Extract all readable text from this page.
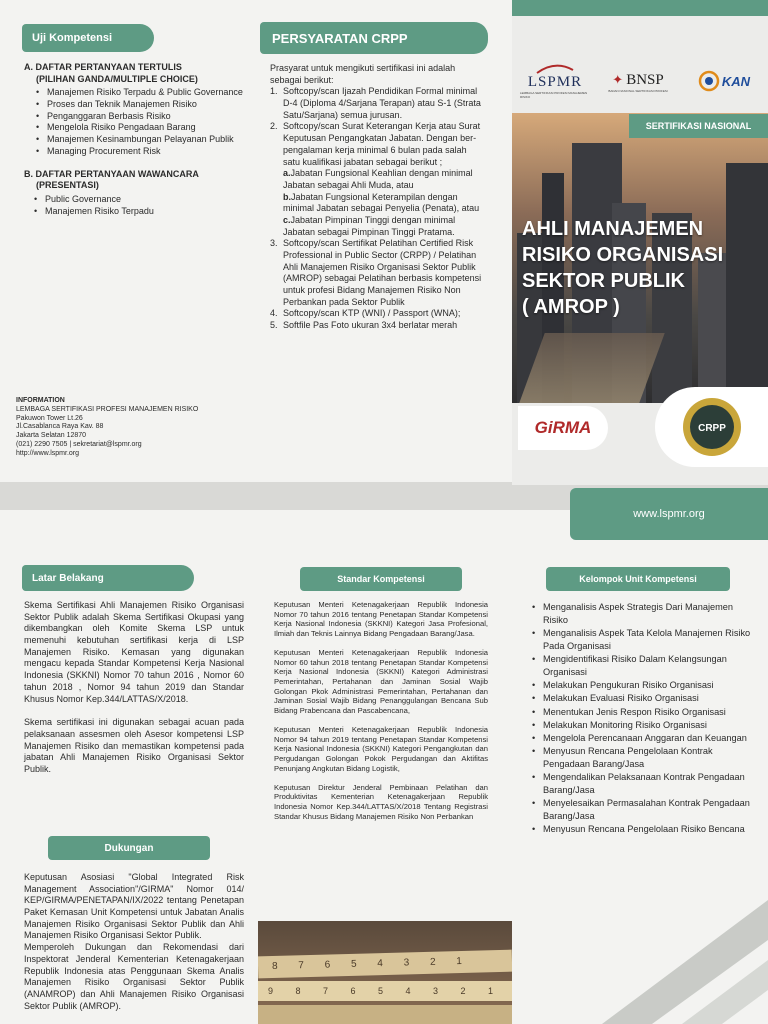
Uji Kompetensi
A. DAFTAR PERTANYAAN TERTULIS
(PILIHAN GANDA/MULTIPLE CHOICE)
• Manajemen Risiko Terpadu & Public Governance
• Proses dan Teknik Manajemen Risiko
• Penganggaran Berbasis Risiko
• Mengelola Risiko Pengadaan Barang
• Manajemen Kesinambungan Pelayanan Publik
• Managing Procurement Risk
B. DAFTAR PERTANYAAN WAWANCARA
(PRESENTASI)
• Public Governance
• Manajemen Risiko Terpadu
INFORMATION
LEMBAGA SERTIFIKASI PROFESI MANAJEMEN RISIKO
Pakuwon Tower Lt.26
Jl.Casablanca Raya Kav. 88
Jakarta Selatan 12870
(021) 2290 7505 | sekretariat@lspmr.org
http://www.lspmr.org
PERSYARATAN CRPP
Prasyarat untuk mengikuti sertifikasi ini adalah sebagai berikut:
1. Softcopy/scan Ijazah Pendidikan Formal minimal D-4 (Diploma 4/Sarjana Terapan) atau S-1 (Strata Satu/Sarjana) semua jurusan.
2. Softcopy/scan Surat Keterangan Kerja atau Surat Keputusan Pengangkatan Jabatan. Dengan ber- pengalaman kerja minimal 6 bulan pada salah satu kualifikasi jabatan sebagai berikut ;
a.Jabatan Fungsional Keahlian dengan minimal Jabatan sebagai Ahli Muda, atau
b.Jabatan Fungsional Keterampilan dengan minimal Jabatan sebagai Penyelia (Penata), atau
c.Jabatan Pimpinan Tinggi dengan minimal Jabatan sebagai Pimpinan Tinggi Pratama.
3. Softcopy/scan Sertifikat Pelatihan Certified Risk Professional in Public Sector (CRPP) / Pelatihan Ahli Manajemen Risiko Organisasi Sektor Publik (AMROP) sebagai Pelatihan berbasis kompetensi untuk profesi Bidang Manajemen Risiko Non Perbankan pada Sektor Publik
4. Softcopy/scan KTP (WNI) / Passport (WNA);
5. Softfile Pas Foto ukuran 3x4 berlatar merah
LSPMR
LEMBAGA SERTIFIKASI PROFESI MANAJEMEN RISIKO
✦ BNSP
BADAN NASIONAL SERTIFIKASI PROFESI
KAN
SERTIFIKASI NASIONAL
AHLI MANAJEMEN
RISIKO ORGANISASI
SEKTOR PUBLIK
( AMROP )
GiRMA	CRPP
www.lspmr.org
Latar Belakang

Skema Sertifikasi Ahli Manajemen Risiko Organisasi Sektor Publik adalah Skema Sertifikasi Okupasi yang dikembangkan oleh Komite Skema LSP untuk memenuhi kebutuhan sertifikasi kerja di LSP Manajemen Risiko. Kemasan yang digunakan mengacu kepada Standar Kompetensi Kerja Nasional Indonesia (SKKNI) Nomor 70 tahun 2016 , Nomor 60 tahun 2018 , Nomor 94 tahun 2019 dan Standar Khusus Nomor Kep.344/LATTAS/X/2018.

Skema sertifikasi ini digunakan sebagai acuan pada pelaksanaan assesmen oleh Asesor kompetensi LSP Manajemen Risiko dan memastikan kompetensi pada jabatan Ahli Manajemen Risiko Organisasi Sektor Publik.

Dukungan

Keputusan Asosiasi "Global Integrated Risk Management Association"/GIRMA" Nomor 014/ KEP/GIRMA/PENETAPAN/IX/2022 tentang Penetapan Paket Kemasan Unit Kompetensi untuk Jabatan Analis Manajemen Risiko Organisasi Sektor Publik dan Ahli Manajemen Risiko Organisasi Sektor Publik.

Memperoleh Dukungan dan Rekomendasi dari Inspektorat Jenderal Kementerian Ketenagakerjaan Republik Indonesia atas Penggunaan Skema Analis Manajemen Risiko Organisasi Sektor Publik (ANAMROP) dan Ahli Manajemen Risiko Organisasi Sektor Publik (AMROP).

Standar Kompetensi

Keputusan Menteri Ketenagakerjaan Republik Indonesia Nomor 70 tahun 2016 tentang Penetapan Standar Kompetensi Kerja Nasional Indonesia (SKKNI) Kategori Jasa Profesional, Ilmiah dan Teknis Lainnya Bidang Pengadaan Barang/Jasa.

Keputusan Menteri Ketenagakerjaan Republik Indonesia Nomor 60 tahun 2018 tentang Penetapan Standar Kompetensi Kerja Nasional Indonesia (SKKNI) Kategori Administrasi Pemerintahan, Pertahanan dan Jaminan Sosial Wajib Golongan Pkok Administrasi Pemerintahan, Pertahanan dan Jaminan Sosial Wajib Bidang Penanggulangan Bencana Sub Bidang Prabencana dan Pascabencana,

Keputusan Menteri Ketenagakerjaan Republik Indonesia Nomor 94 tahun 2019 tentang Penetapan Standar Kompetensi Kerja Nasional Indonesia (SKKNI) Kategori Pengangkutan dan Pergudangan Golongan Pokok Pergudangan dan Aktifitas Penunjang Angkutan Bidang Logistik,

Keputusan Direktur Jenderal Pembinaan Pelatihan dan Produktivitas Kementerian Ketenagakerjaan Republik Indonesia Nomor Kep.344/LATTAS/X/2018 Tentang Registrasi Standar Khusus Bidang Manajemen Risiko Non Perbankan

8 7 6 5 4 3 2 1
9 8 7 6 5 4 3 2 1
Kelompok Unit Kompetensi
• Menganalisis Aspek Strategis Dari Manajemen Risiko
• Menganalisis Aspek Tata Kelola Manajemen Risiko Pada Organisasi
• Mengidentifikasi Risiko Dalam Kelangsungan Organisasi
• Melakukan Pengukuran Risiko Organisasi
• Melakukan Evaluasi Risiko Organisasi
• Menentukan Jenis Respon Risiko Organisasi
• Melakukan Monitoring Risiko Organisasi
• Mengelola Perencanaan Anggaran dan Keuangan
• Menyusun Rencana Pengelolaan Kontrak Pengadaan Barang/Jasa
• Mengendalikan Pelaksanaan Kontrak Pengadaan Barang/Jasa
• Menyelesaikan Permasalahan Kontrak Pengadaan Barang/Jasa
• Menyusun Rencana Pengelolaan Risiko Bencana
